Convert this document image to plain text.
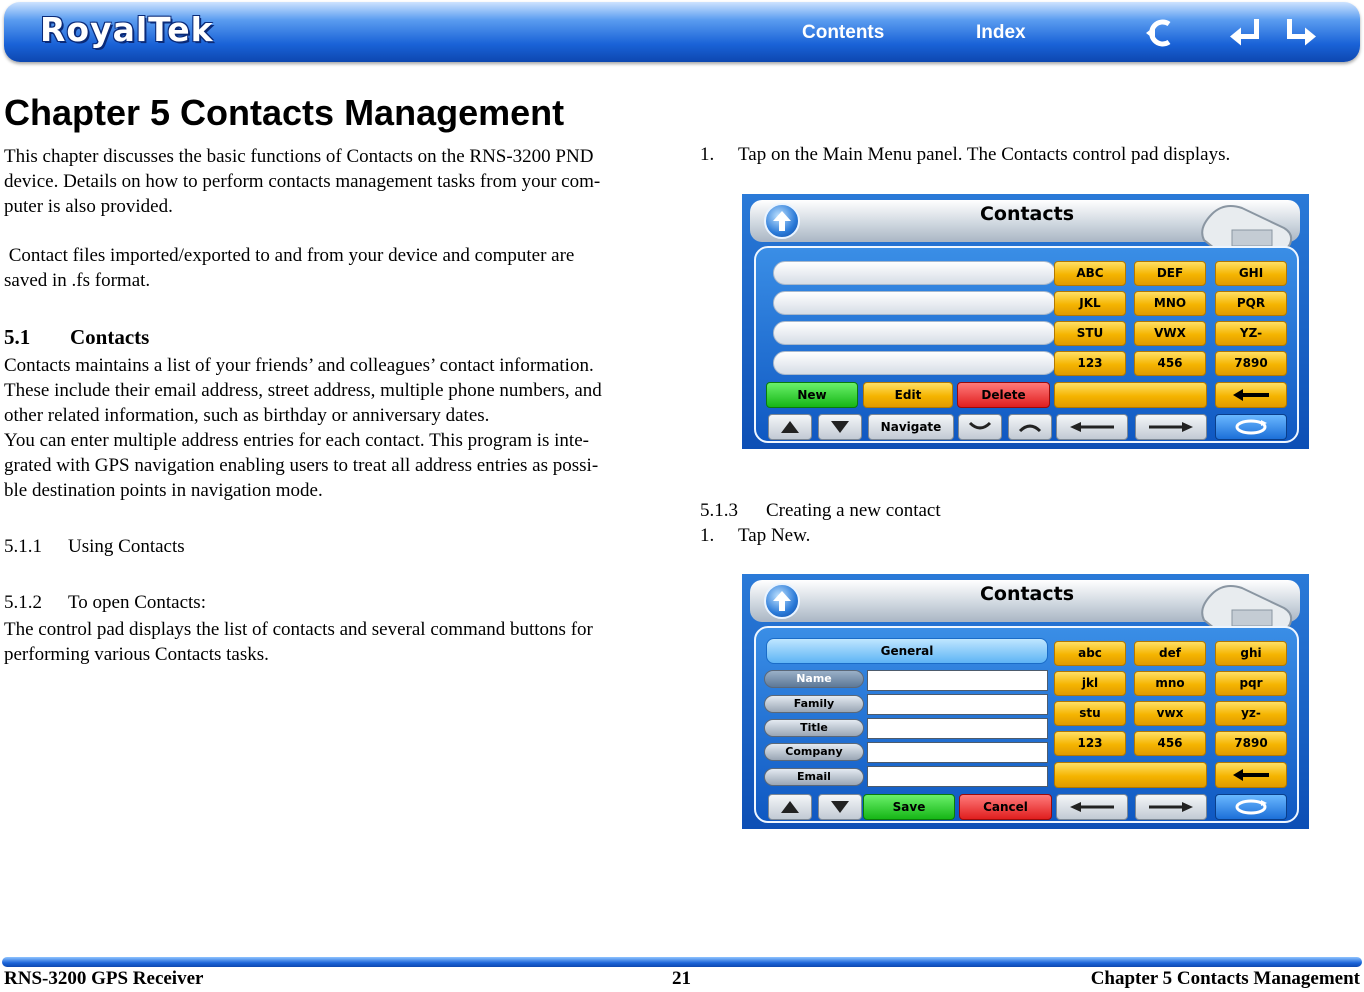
RoyalTek	Contents	Index
Chapter 5 Contacts Management
This chapter discusses the basic functions of Contacts on the RNS-3200 PND
device. Details on how to perform contacts management tasks from your com-
puter is also provided.
Contact files imported/exported to and from your device and computer are
saved in .fs format.
5.1 Contacts
Contacts maintains a list of your friends’ and colleagues’ contact information.
These include their email address, street address, multiple phone numbers, and
other related information, such as birthday or anniversary dates.
You can enter multiple address entries for each contact. This program is inte-
grated with GPS navigation enabling users to treat all address entries as possi-
ble destination points in navigation mode.
5.1.1 Using Contacts
5.1.2 To open Contacts:
The control pad displays the list of contacts and several command buttons for
performing various Contacts tasks.
1. Tap on the Main Menu panel. The Contacts control pad displays.
Contacts
ABC	DEF	GHI
JKL	MNO	PQR
STU	VWX	YZ-
123	456	7890
New	Edit	Delete
Navigate
5.1.3 Creating a new contact
1. Tap New.
Contacts
abc	def	ghi
jkl	mno	pqr
stu	vwx	yz-
123	456	7890
Save	Cancel
General
Name
Family
Title
Company
Email
RNS-3200 GPS Receiver	21	Chapter 5 Contacts Management
